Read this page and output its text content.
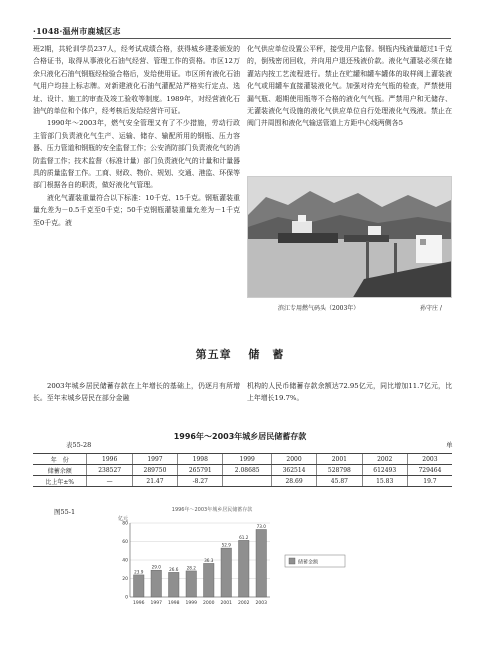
·1048·温州市鹿城区志
班2期，共轮训学员237人，经考试成绩合格，获得城乡建委颁发的合格证书，取得从事液化石油气经营、管理工作的资格。市区12万余只液化石油气钢瓶经检验合格后，发给使用证。市区所有液化石油气用户均挂上标志牌。对新建液化石油气灌配站严格实行定点、选址、设计、施工的审查及竣工验收等制度。1989年，对经营液化石油气的单位和个体户，经考核后发给经营许可证。
1990年～2003年，燃气安全管理又有了不少措施，劳动行政主管部门负责液化气生产、运输、储存、输配所用的钢瓶、压力容器、压力管道和钢瓶的安全监督工作；公安消防部门负责液化气的消防监督工作；技术监督（标准计量）部门负责液化气的计量和计量器具的质量监督工作。工商、财政、物价、规划、交通、港监、环保等部门根据各自的职责，做好液化气管理。
液化气灌装重量符合以下标准：10千克、15千克。钢瓶灌装重量允差为－0.5千克至0千克；50千克钢瓶灌装重量允差为－1千克至0千克。液
化气供应单位设置公平秤，接受用户监督。钢瓶内残液量超过1千克的，倒残密闭回收，并向用户退还残液价款。液化气灌装必须在储灌站内按工艺流程进行。禁止在贮罐和罐车罐体的取样阀上灌装液化气或用罐车直接灌装液化气。加强对待充气瓶的检查，严禁使用漏气瓶、超期使用瓶等不合格的液化气气瓶。严禁用户和无储存、无灌装液化气设施的液化气供应单位自行处理液化气残液。禁止在阀门井周围和液化气输送管道上方距中心线两侧各5
滨江专用燃气码头（2003年）	孙守庄 /
第五章 储　蓄
2003年城乡居民储蓄存款在上年增长的基础上，仍逐月有所增长。至年末城乡居民在部分金融
机构的人民币储蓄存款余额达72.95亿元，同比增加11.7亿元，比上年增长19.7%。
1996年～2003年城乡居民储蓄存款
表55-28	单
年　份	1996	1997	1998	1999	2000	2001	2002	2003
储蓄余额	238527	289750	265791	2.08685	362514	528798	612493	729464
比上年±%	—	21.47	-8.27		28.69	45.87	15.83	19.7
图55-1	1996年～2003年城乡居民储蓄存款
亿元
0
20
40
60
80
23.9
1996
29.0
1997
26.6
1998
28.2
1999
36.3
2000
52.9
2001
61.2
2002
73.0
2003
储蓄金额
